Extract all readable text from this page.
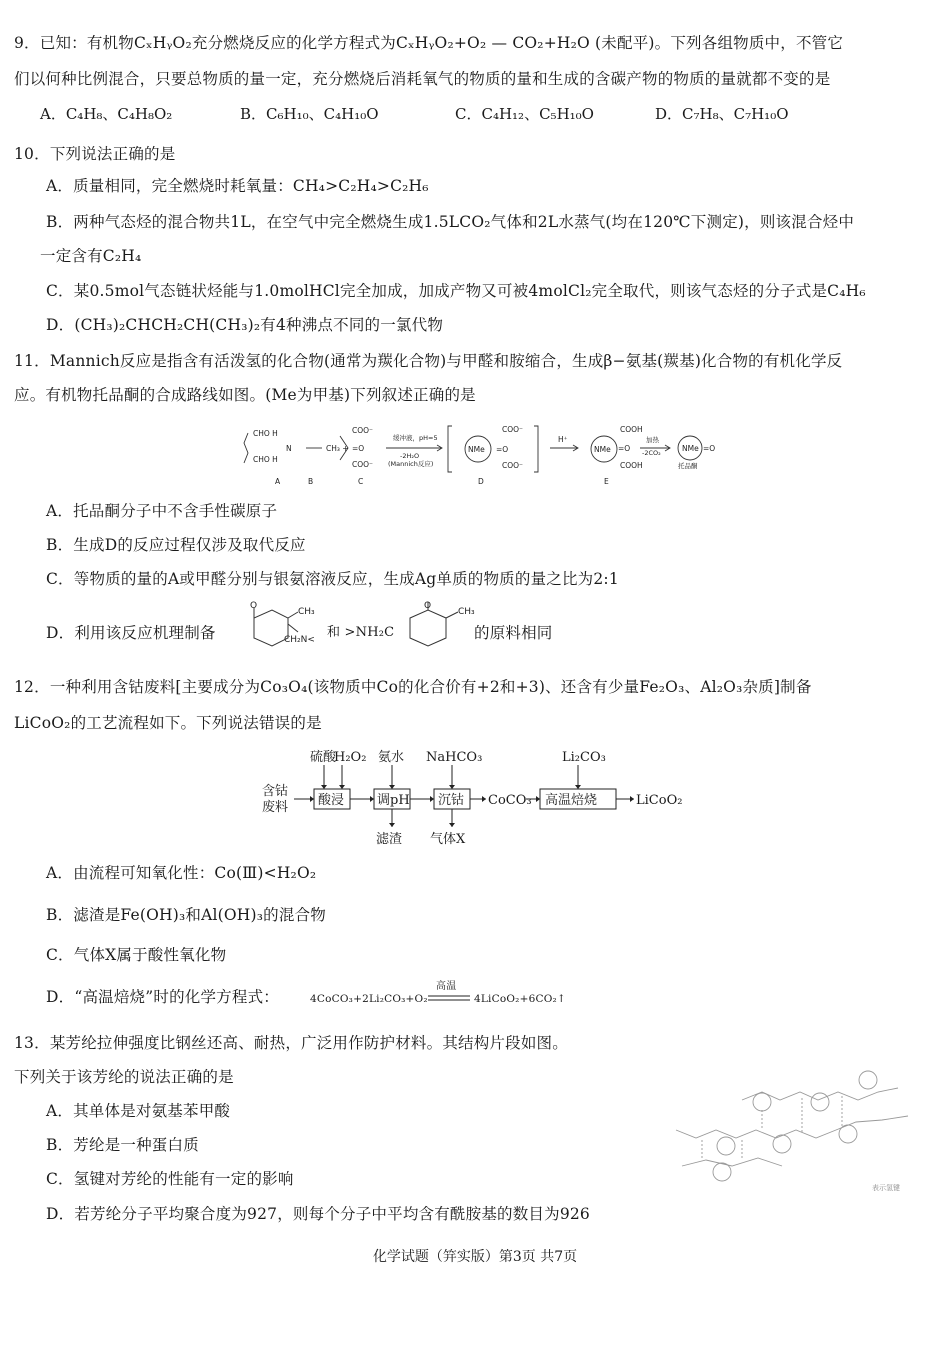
9．已知：有机物CₓHᵧO₂充分燃烧反应的化学方程式为CₓHᵧO₂+O₂ — CO₂+H₂O (未配平)。下列各组物质中，不管它
们以何种比例混合，只要总物质的量一定，充分燃烧后消耗氧气的物质的量和生成的含碳产物的物质的量就都不变的是
A．C₄H₈、C₄H₈O₂	B．C₆H₁₀、C₄H₁₀O	C．C₄H₁₂、C₅H₁₀O	D．C₇H₈、C₇H₁₀O
10．下列说法正确的是
A．质量相同，完全燃烧时耗氧量：CH₄>C₂H₄>C₂H₆
B．两种气态烃的混合物共1L，在空气中完全燃烧生成1.5LCO₂气体和2L水蒸气(均在120℃下测定)，则该混合烃中
一定含有C₂H₄
C．某0.5mol气态链状烃能与1.0molHCl完全加成，加成产物又可被4molCl₂完全取代，则该气态烃的分子式是C₄H₆
D．(CH₃)₂CHCH₂CH(CH₃)₂有4种沸点不同的一氯代物
11．Mannich反应是指含有活泼氢的化合物(通常为羰化合物)与甲醛和胺缩合，生成β−氨基(羰基)化合物的有机化学反
应。有机物托品酮的合成路线如图。(Me为甲基)下列叙述正确的是
CHO H
CHO H
N	CH₃ +
COO⁻
=O
COO⁻
缓冲液，pH=5
-2H₂O
(Mannich反应)
NMe
COO⁻
=O
COO⁻
H⁺
NMe
COOH
=O
COOH
加热
-2CO₂	NMe =O
托品酮
A	B	C	D	E
A．托品酮分子中不含手性碳原子
B．生成D的反应过程仅涉及取代反应
C．等物质的量的A或甲醛分别与银氨溶液反应，生成Ag单质的物质的量之比为2:1
D．利用该反应机理制备
O
CH₃
CH₂N< 和 >NH₂C
O
CH₃
的原料相同
12．一种利用含钴废料[主要成分为Co₃O₄(该物质中Co的化合价有+2和+3)、还含有少量Fe₂O₃、Al₂O₃杂质]制备
LiCoO₂的工艺流程如下。下列说法错误的是
含钴
废料
硫酸
H₂O₂ 氨水 NaHCO₃	Li₂CO₃
酸浸	调pH 沉钴	高温焙烧
CoCO₃	LiCoO₂
滤渣 气体X
A．由流程可知氧化性：Co(Ⅲ)<H₂O₂
B．滤渣是Fe(OH)₃和Al(OH)₃的混合物
C．气体X属于酸性氧化物
D．“高温焙烧”时的化学方程式：	4CoCO₃+2Li₂CO₃+O₂
高温
4LiCoO₂+6CO₂↑
13．某芳纶拉伸强度比钢丝还高、耐热，广泛用作防护材料。其结构片段如图。
下列关于该芳纶的说法正确的是
A．其单体是对氨基苯甲酸
B．芳纶是一种蛋白质
C．氢键对芳纶的性能有一定的影响
D．若芳纶分子平均聚合度为927，则每个分子中平均含有酰胺基的数目为926
表示氢键
化学试题（笄实版）第3页 共7页
